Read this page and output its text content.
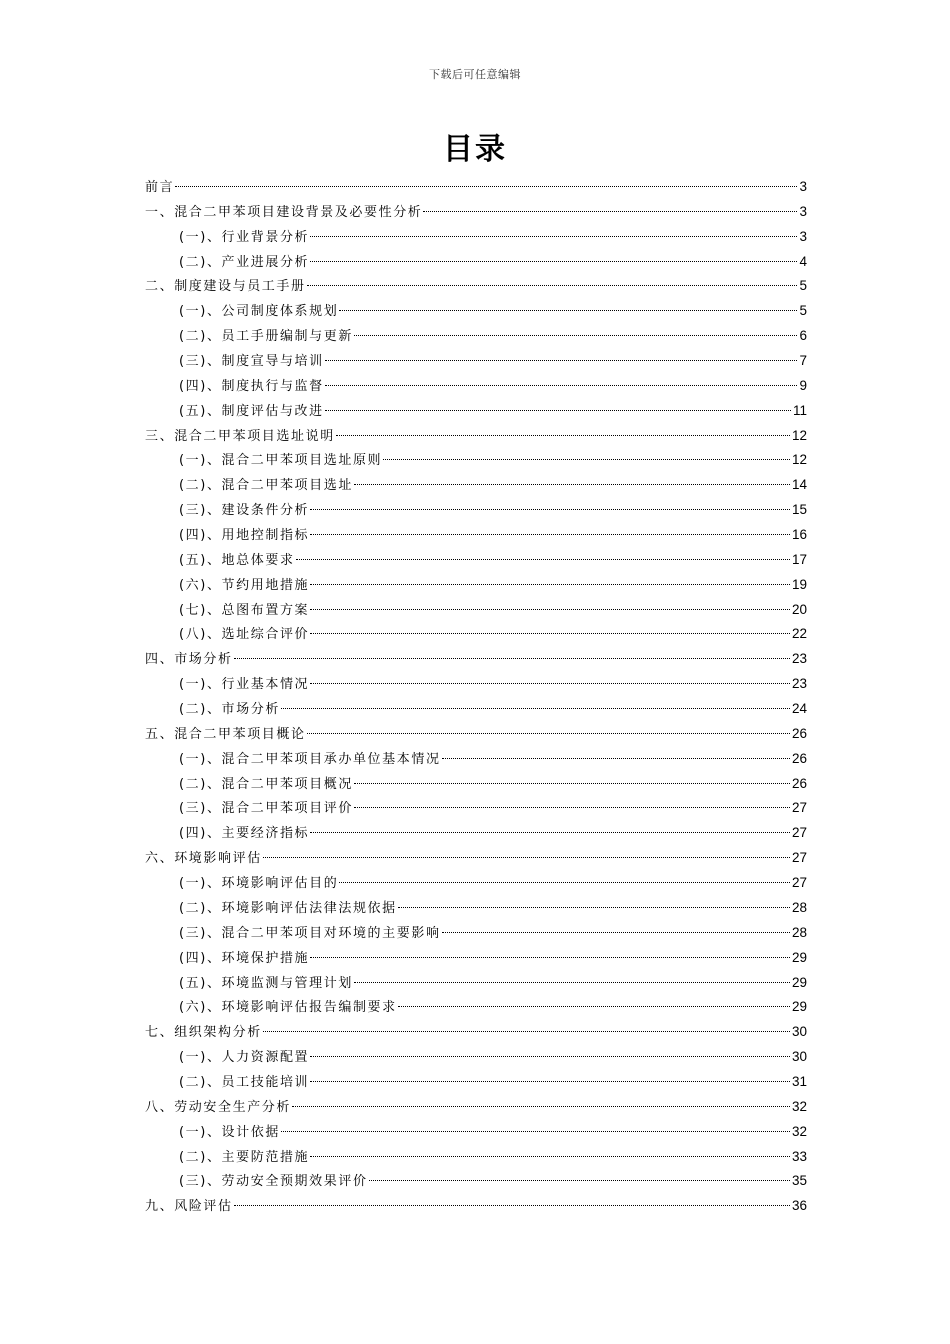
下载后可任意编辑
目录
前言	3
一、混合二甲苯项目建设背景及必要性分析	3
(一)、行业背景分析	3
(二)、产业进展分析	4
二、制度建设与员工手册	5
(一)、公司制度体系规划	5
(二)、员工手册编制与更新	6
(三)、制度宣导与培训	7
(四)、制度执行与监督	9
(五)、制度评估与改进	11
三、混合二甲苯项目选址说明	12
(一)、混合二甲苯项目选址原则	12
(二)、混合二甲苯项目选址	14
(三)、建设条件分析	15
(四)、用地控制指标	16
(五)、地总体要求	17
(六)、节约用地措施	19
(七)、总图布置方案	20
(八)、选址综合评价	22
四、市场分析	23
(一)、行业基本情况	23
(二)、市场分析	24
五、混合二甲苯项目概论	26
(一)、混合二甲苯项目承办单位基本情况	26
(二)、混合二甲苯项目概况	26
(三)、混合二甲苯项目评价	27
(四)、主要经济指标	27
六、环境影响评估	27
(一)、环境影响评估目的	27
(二)、环境影响评估法律法规依据	28
(三)、混合二甲苯项目对环境的主要影响	28
(四)、环境保护措施	29
(五)、环境监测与管理计划	29
(六)、环境影响评估报告编制要求	29
七、组织架构分析	30
(一)、人力资源配置	30
(二)、员工技能培训	31
八、劳动安全生产分析	32
(一)、设计依据	32
(二)、主要防范措施	33
(三)、劳动安全预期效果评价	35
九、风险评估	36
